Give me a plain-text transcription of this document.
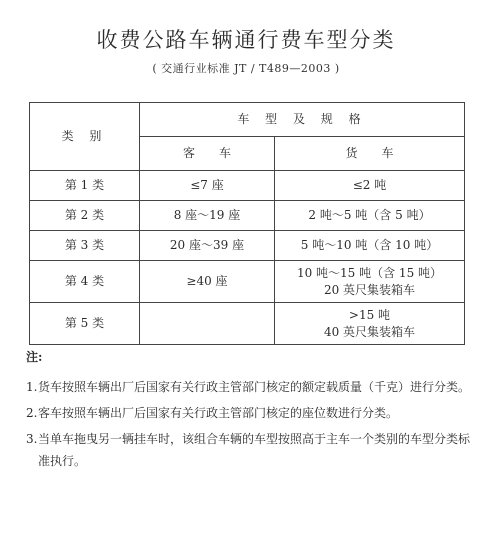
收费公路车辆通行费车型分类
( 交通行业标准 JT / T489—2003 )
类 别	车 型 及 规 格	
	客　　车	货　　车
第 1 类	≤7 座	≤2 吨

第 2 类	8 座～19 座	2 吨～5 吨（含 5 吨）

第 3 类	20 座～39 座	5 吨～10 吨（含 10 吨）

第 4 类	≥40 座	10 吨～15 吨（含 15 吨）
20 英尺集装箱车

第 5 类		>15 吨
40 英尺集装箱车
注:
1. 货车按照车辆出厂后国家有关行政主管部门核定的额定载质量（千克）进行分类。
2. 客车按照车辆出厂后国家有关行政主管部门核定的座位数进行分类。
3. 当单车拖曳另一辆挂车时，该组合车辆的车型按照高于主车一个类别的车型分类标准执行。
